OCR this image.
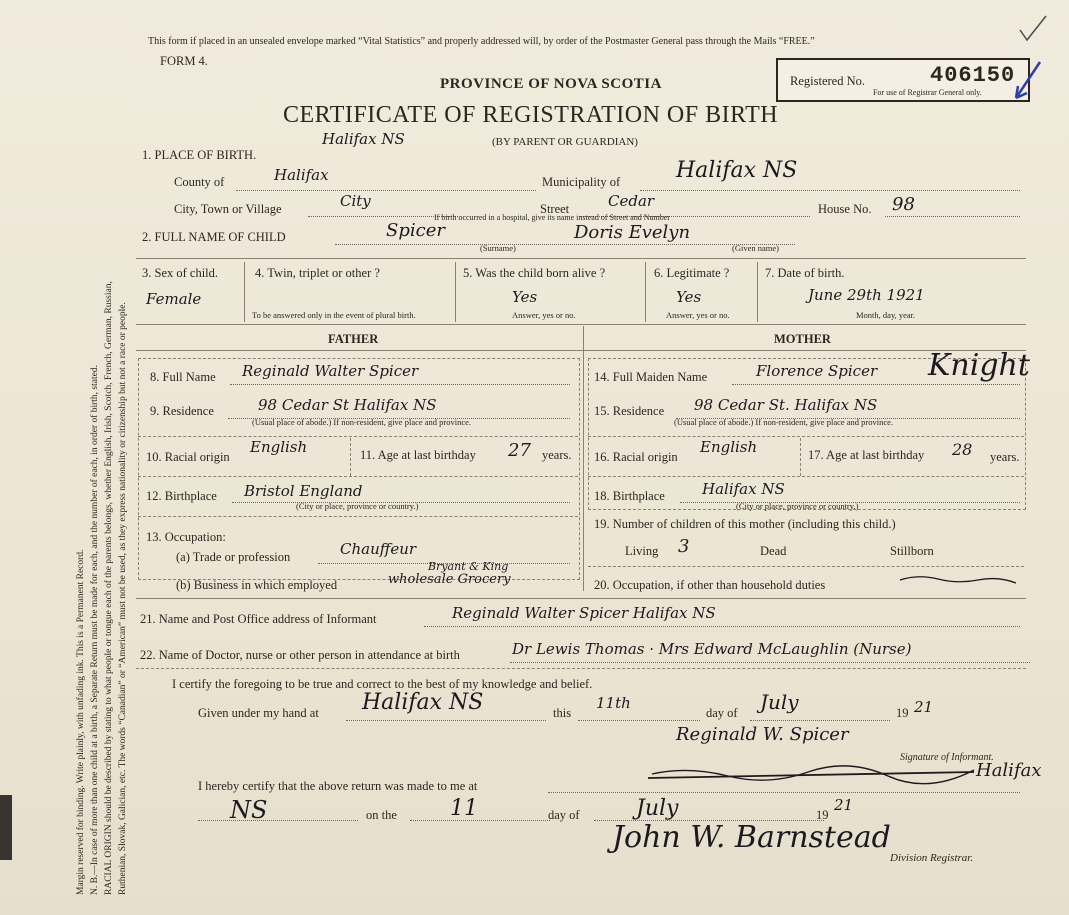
Margin reserved for binding. Write plainly, with unfading ink. This is a Permanent Record. N. B.—In case of more than one child at a birth, a Separate Return must be made for each, and the number of each, in order of birth, stated. RACIAL ORIGIN should be described by stating to what people or tongue each of the parents belongs, whether English, Irish, Scotch, French, German, Russian, Ruthenian, Slovak, Galician, etc. The words “Canadian” or “American” must not be used, as they express nationality or citizenship but not a race or people.
This form if placed in an unsealed envelope marked “Vital Statistics” and properly addressed will, by order of the Postmaster General pass through the Mails “FREE.”
FORM 4.
PROVINCE OF NOVA SCOTIA
CERTIFICATE OF REGISTRATION OF BIRTH
(BY PARENT OR GUARDIAN)
Registered No.	406150
For use of Registrar General only.
1. PLACE OF BIRTH.
Halifax NS
County of	Halifax	Municipality of	Halifax NS
City, Town or Village	City	Street	Cedar	House No. 98
If birth occurred in a hospital, give its name instead of Street and Number
2. FULL NAME OF CHILD	Spicer
(Surname)
Doris Evelyn
(Given name)
3. Sex of child.
Female
4. Twin, triplet or other ?
To be answered only in the event of plural birth.
5. Was the child born alive ?
Yes
Answer, yes or no.
6. Legitimate ?
Yes
Answer, yes or no.
7. Date of birth.
June 29th 1921
Month, day, year.
FATHER	MOTHER
8. Full Name Reginald Walter Spicer
9. Residence	98 Cedar St Halifax NS
(Usual place of abode.) If non-resident, give place and province.
10. Racial origin
English	11. Age at last birthday 27 years.
12. Birthplace Bristol England
(City or place, province or country.)
13. Occupation:
(a) Trade or profession	Chauffeur
(b) Business in which employed
Bryant & King
wholesale Grocery
14. Full Maiden Name	Florence Spicer Knight
15. Residence 98 Cedar St. Halifax NS
(Usual place of abode.) If non-resident, give place and province.
16. Racial origin
English	17. Age at last birthday 28 years.
18. Birthplace Halifax NS
(City or place, province or country.)
19. Number of children of this mother (including this child.)
Living 3	Dead	Stillborn
20. Occupation, if other than household duties
21. Name and Post Office address of Informant	Reginald Walter Spicer Halifax NS
22. Name of Doctor, nurse or other person in attendance at birth	Dr Lewis Thomas · Mrs Edward McLaughlin (Nurse)
I certify the foregoing to be true and correct to the best of my knowledge and belief.
Given under my hand at Halifax NS	this
11th
day of July	19 21
Reginald W. Spicer
Signature of Informant.
I hereby certify that the above return was made to me at
Halifax
NS	on the 11	day of	July	19
21
John W. Barnstead
Division Registrar.
